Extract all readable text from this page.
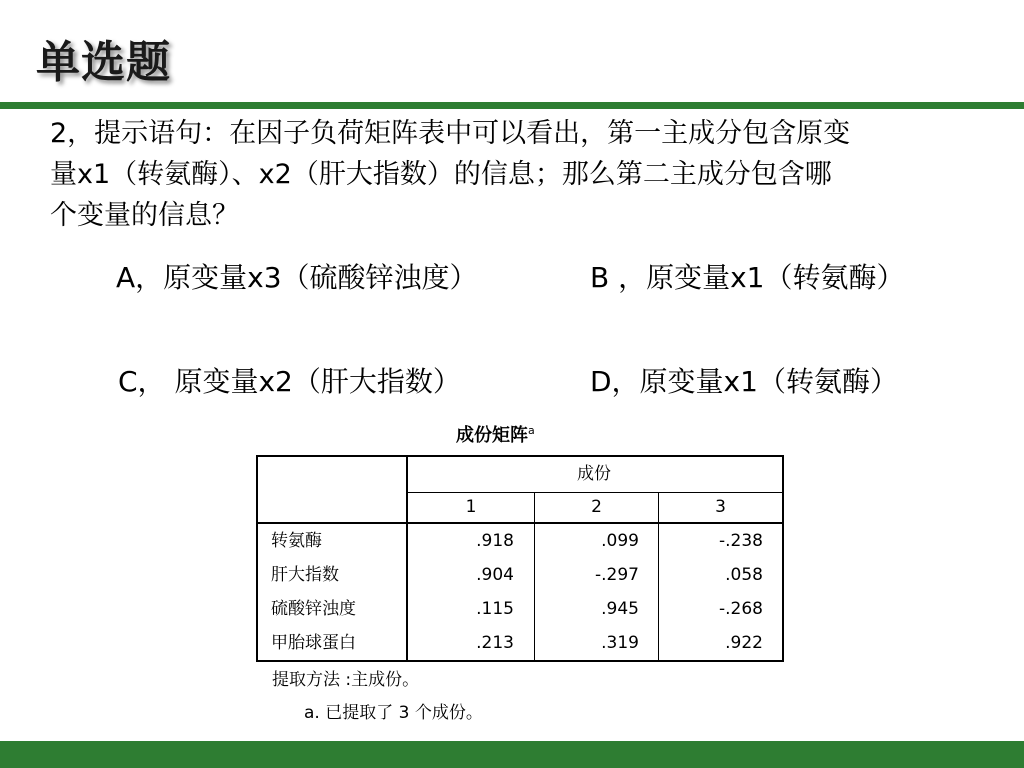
单选题
2，提示语句：在因子负荷矩阵表中可以看出，第一主成分包含原变
量x1（转氨酶）、x2（肝大指数）的信息；那么第二主成分包含哪
个变量的信息？
A，原变量x3（硫酸锌浊度）	B ，原变量x1（转氨酶）
C， 原变量x2（肝大指数）	D，原变量x1（转氨酶）
成份矩阵$^a$
成份
1	2	3
转氨酶	.918	.099	-.238
肝大指数	.904	-.297	.058
硫酸锌浊度	.115	.945	-.268
甲胎球蛋白	.213	.319	.922
提取方法 :主成份。
a. 已提取了 3 个成份。
